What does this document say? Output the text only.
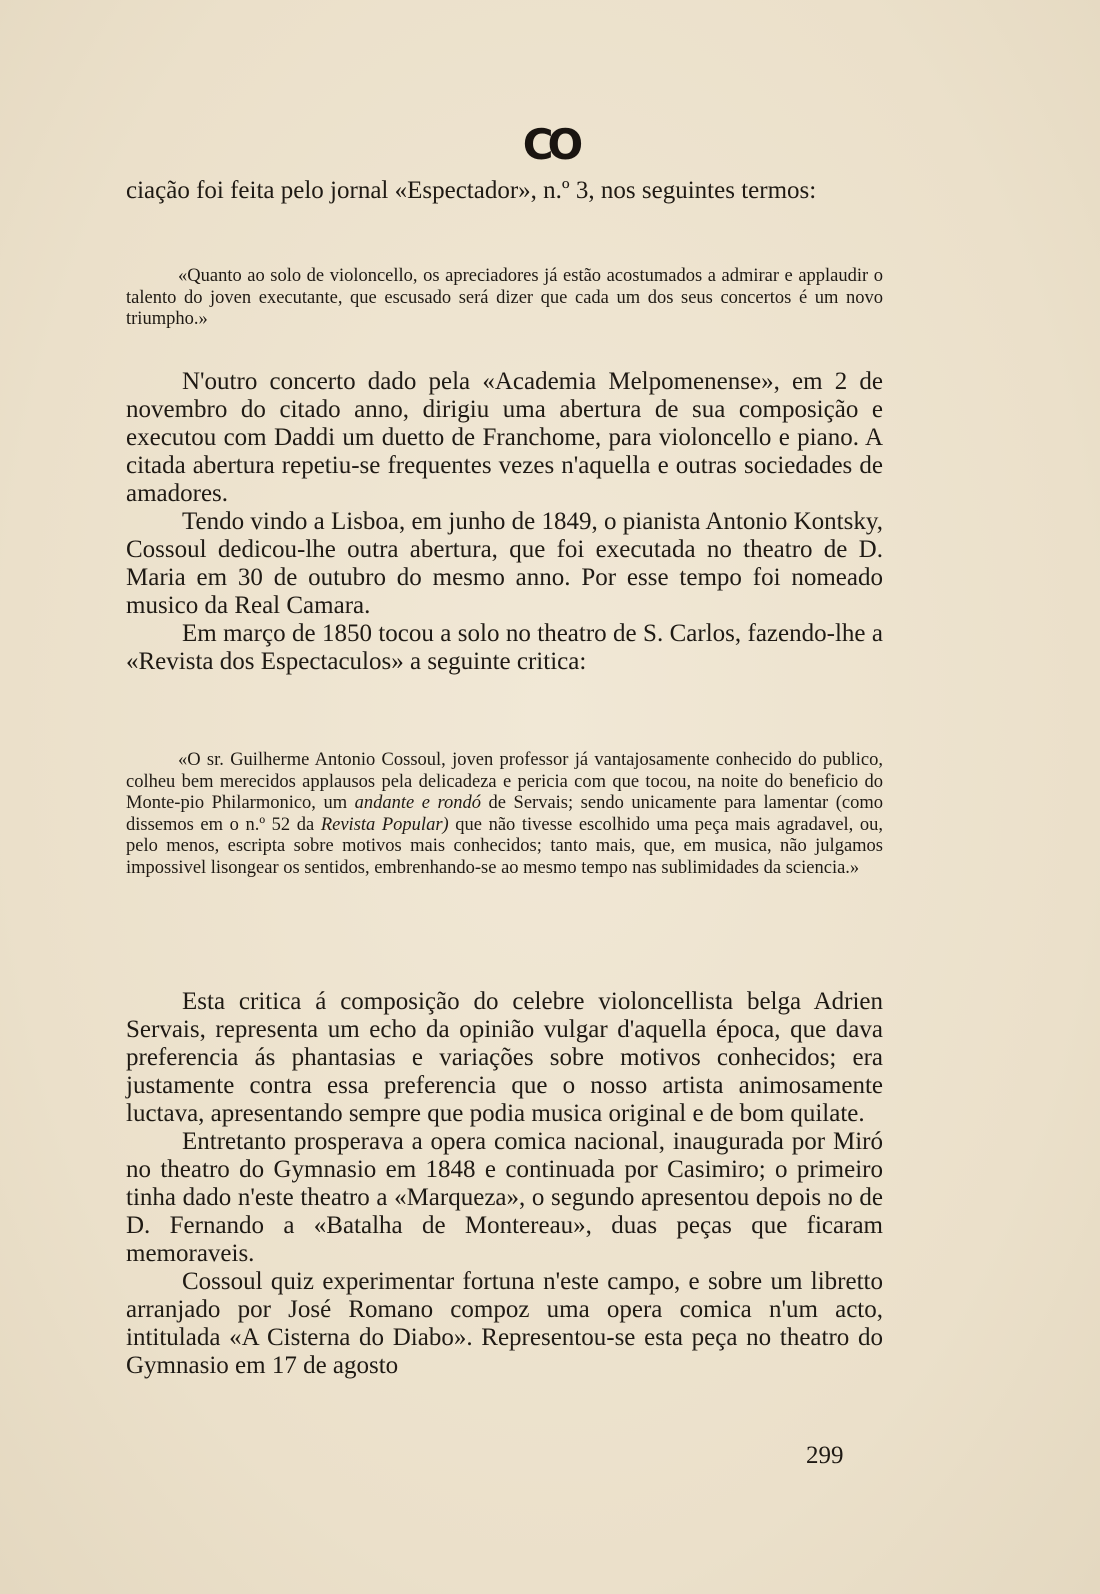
CO

ciação foi feita pelo jornal «Espectador», n.º 3, nos seguintes termos:

«Quanto ao solo de violoncello, os apreciadores já estão acostumados a admirar e applaudir o talento do joven executante, que escusado será dizer que cada um dos seus concertos é um novo triumpho.»

N'outro concerto dado pela «Academia Melpomenense», em 2 de novembro do citado anno, dirigiu uma abertura de sua composição e executou com Daddi um duetto de Franchome, para violoncello e piano. A citada abertura repetiu-se frequentes vezes n'aquella e outras sociedades de amadores.

Tendo vindo a Lisboa, em junho de 1849, o pianista Antonio Kontsky, Cossoul dedicou-lhe outra abertura, que foi executada no theatro de D. Maria em 30 de outubro do mesmo anno. Por esse tempo foi nomeado musico da Real Camara.

Em março de 1850 tocou a solo no theatro de S. Carlos, fazendo-lhe a «Revista dos Espectaculos» a seguinte critica:

«O sr. Guilherme Antonio Cossoul, joven professor já vantajosamente conhecido do publico, colheu bem merecidos applausos pela delicadeza e pericia com que tocou, na noite do beneficio do Monte-pio Philarmonico, um andante e rondó de Servais; sendo unicamente para lamentar (como dissemos em o n.º 52 da Revista Popular) que não tivesse escolhido uma peça mais agradavel, ou, pelo menos, escripta sobre motivos mais conhecidos; tanto mais, que, em musica, não julgamos impossivel lisongear os sentidos, embrenhando-se ao mesmo tempo nas sublimidades da sciencia.»

Esta critica á composição do celebre violoncellista belga Adrien Servais, representa um echo da opinião vulgar d'aquella época, que dava preferencia ás phantasias e variações sobre motivos conhecidos; era justamente contra essa preferencia que o nosso artista animosamente luctava, apresentando sempre que podia musica original e de bom quilate.

Entretanto prosperava a opera comica nacional, inaugurada por Miró no theatro do Gymnasio em 1848 e continuada por Casimiro; o primeiro tinha dado n'este theatro a «Marqueza», o segundo apresentou depois no de D. Fernando a «Batalha de Montereau», duas peças que ficaram memoraveis.

Cossoul quiz experimentar fortuna n'este campo, e sobre um libretto arranjado por José Romano compoz uma opera comica n'um acto, intitulada «A Cisterna do Diabo». Representou-se esta peça no theatro do Gymnasio em 17 de agosto

299
